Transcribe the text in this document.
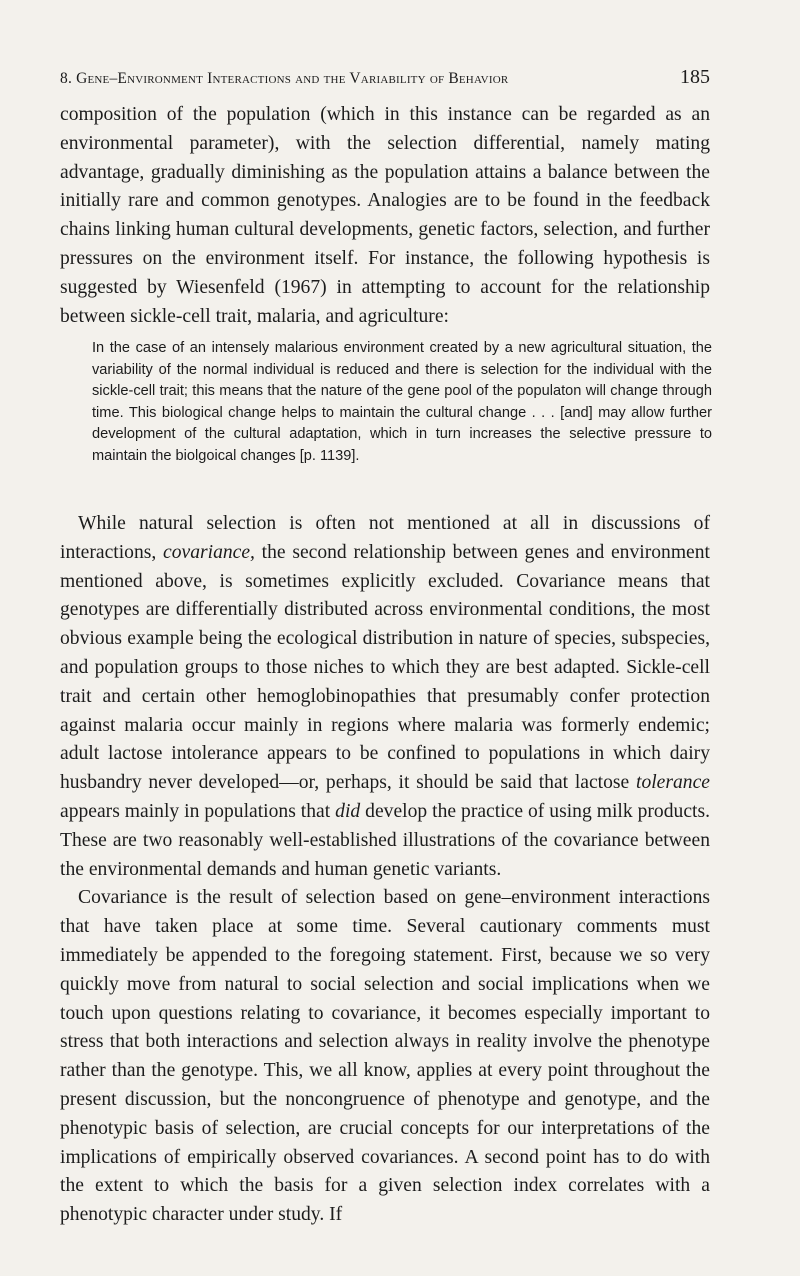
8. Gene–Environment Interactions and the Variability of Behavior	185

composition of the population (which in this instance can be regarded as an environmental parameter), with the selection differential, namely mating advantage, gradually diminishing as the population attains a balance between the initially rare and common genotypes. Analogies are to be found in the feedback chains linking human cultural developments, genetic factors, selection, and further pressures on the environment itself. For instance, the following hypothesis is suggested by Wiesenfeld (1967) in attempting to account for the relationship between sickle-cell trait, malaria, and agriculture:

In the case of an intensely malarious environment created by a new agricultural situation, the variability of the normal individual is reduced and there is selection for the individual with the sickle-cell trait; this means that the nature of the gene pool of the populaton will change through time. This biological change helps to maintain the cultural change . . . [and] may allow further development of the cultural adaptation, which in turn increases the selective pressure to maintain the biolgoical changes [p. 1139].

While natural selection is often not mentioned at all in discussions of interactions, covariance, the second relationship between genes and environment mentioned above, is sometimes explicitly excluded. Covariance means that genotypes are differentially distributed across environmental conditions, the most obvious example being the ecological distribution in nature of species, subspecies, and population groups to those niches to which they are best adapted. Sickle-cell trait and certain other hemoglobinopathies that presumably confer protection against malaria occur mainly in regions where malaria was formerly endemic; adult lactose intolerance appears to be confined to populations in which dairy husbandry never developed—or, perhaps, it should be said that lactose tolerance appears mainly in populations that did develop the practice of using milk products. These are two reasonably well-established illustrations of the covariance between the environmental demands and human genetic variants.

Covariance is the result of selection based on gene–environment interactions that have taken place at some time. Several cautionary comments must immediately be appended to the foregoing statement. First, because we so very quickly move from natural to social selection and social implications when we touch upon questions relating to covariance, it becomes especially important to stress that both interactions and selection always in reality involve the phenotype rather than the genotype. This, we all know, applies at every point throughout the present discussion, but the noncongruence of phenotype and genotype, and the phenotypic basis of selection, are crucial concepts for our interpretations of the implications of empirically observed covariances. A second point has to do with the extent to which the basis for a given selection index correlates with a phenotypic character under study. If
